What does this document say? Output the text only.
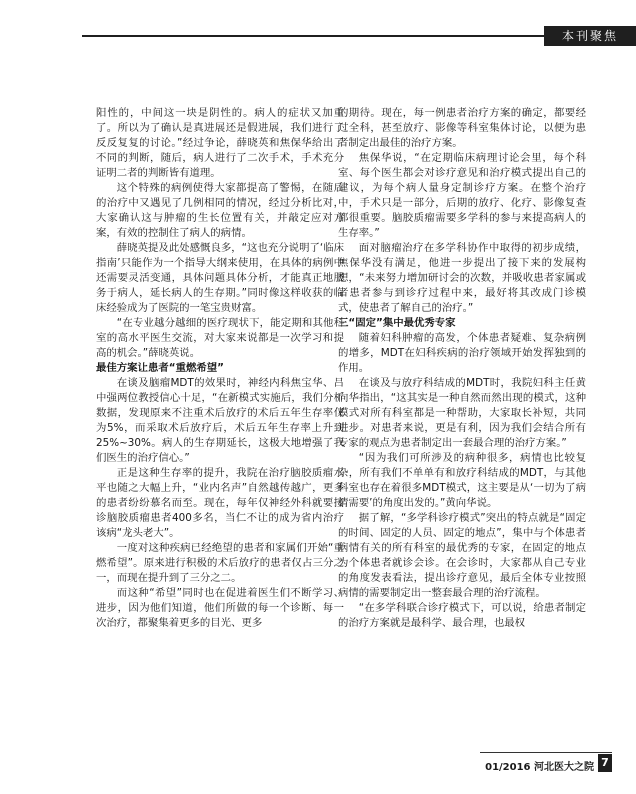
本刊聚焦

阳性的，中间这一块是阴性的。病人的症状又加重了。所以为了确认是真进展还是假进展，我们进行了反反复复的讨论。”经过争论，薛晓英和焦保华给出了不同的判断，随后，病人进行了二次手术，手术充分证明二者的判断皆有道理。

这个特殊的病例使得大家都提高了警惕，在随后的治疗中又遇见了几例相同的情况，经过分析比对，大家确认这与肿瘤的生长位置有关，并敲定应对方案，有效的控制住了病人的病情。

薛晓英提及此处感慨良多，“这也充分说明了‘临床指南’只能作为一个指导大纲来使用，在具体的病例中还需要灵活变通，具体问题具体分析，才能真正地服务于病人，延长病人的生存期。”同时像这样收获的临床经验成为了医院的一笔宝贵财富。

“在专业越分越细的医疗现状下，能定期和其他科室的高水平医生交流，对大家来说都是一次学习和提高的机会。”薛晓英说。

最佳方案让患者“重燃希望”

在谈及脑瘤MDT的效果时，神经内科焦宝华、吕中强两位教授信心十足，“在新模式实施后，我们分析数据，发现原来不注重术后放疗的术后五年生存率仅为5%，而采取术后放疗后，术后五年生存率上升到25%~30%。病人的生存期延长，这极大地增强了我们医生的治疗信心。”

正是这种生存率的提升，我院在治疗脑胶质瘤水平也随之大幅上升，“业内名声”自然越传越广，更多的患者纷纷慕名而至。现在，每年仅神经外科就要接诊脑胶质瘤患者400多名，当仁不让的成为省内治疗该病“龙头老大”。

一度对这种疾病已经绝望的患者和家属们开始“重燃希望”。原来进行积极的术后放疗的患者仅占三分之一，而现在提升到了三分之二。

而这种“希望”同时也在促进着医生们不断学习、进步，因为他们知道，他们所做的每一个诊断、每一次治疗，都聚集着更多的目光、更多

的期待。现在，每一例患者治疗方案的确定，都要经过全科，甚至放疗、影像等科室集体讨论，以便为患者制定出最佳的治疗方案。

焦保华说，“在定期临床病理讨论会里，每个科室、每个医生都会对诊疗意见和治疗模式提出自己的建议，为每个病人量身定制诊疗方案。在整个治疗中，手术只是一部分，后期的放疗、化疗、影像复查都很重要。脑胶质瘤需要多学科的参与来提高病人的生存率。”

面对脑瘤治疗在多学科协作中取得的初步成绩，焦保华没有满足，他进一步提出了接下来的发展构想，“未来努力增加研讨会的次数，并吸收患者家属或者患者参与到诊疗过程中来，最好将其改成门诊模式，使患者了解自己的治疗。”

三“固定”集中最优秀专家

随着妇科肿瘤的高发，个体患者疑难、复杂病例的增多，MDT在妇科疾病的治疗领域开始发挥独到的作用。

在谈及与放疗科结成的MDT时，我院妇科主任黄向华指出，“这其实是一种自然而然出现的模式，这种模式对所有科室都是一种帮助，大家取长补短，共同进步。对患者来说，更是有利，因为我们会结合所有专家的观点为患者制定出一套最合理的治疗方案。”

“因为我们可所涉及的病种很多，病情也比较复杂，所有我们不单单有和放疗科结成的MDT，与其他科室也存在着很多MDT模式，这主要是从‘一切为了病情需要’的角度出发的。”黄向华说。

据了解，“多学科诊疗模式”突出的特点就是“固定的时间、固定的人员、固定的地点”，集中与个体患者病情有关的所有科室的最优秀的专家，在固定的地点为个体患者就诊会诊。在会诊时，大家都从自己专业的角度发表看法，提出诊疗意见，最后全体专业按照病情的需要制定出一整套最合理的治疗流程。

“在多学科联合诊疗模式下，可以说，给患者制定的治疗方案就是最科学、最合理，也最权

01/2016 河北医大之院 7
